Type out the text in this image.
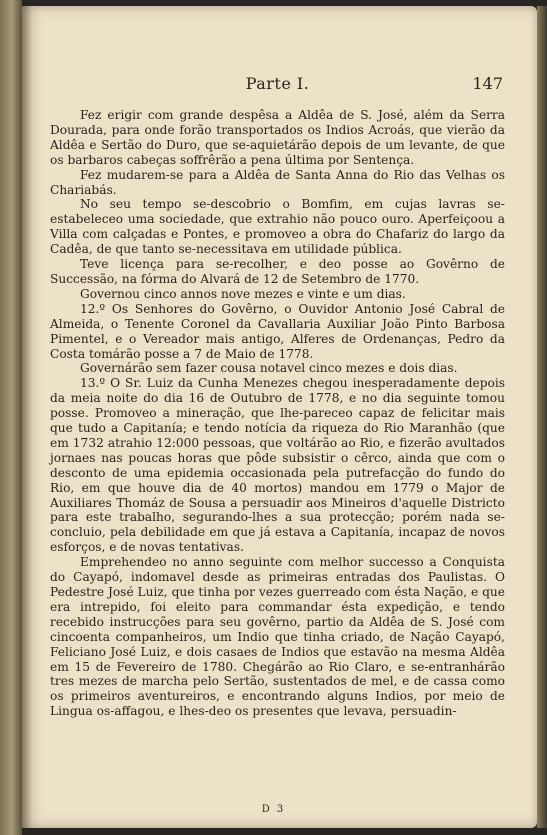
Parte I.	147

Fez erigir com grande despêsa a Aldêa de S. José, além da Serra Dourada, para onde forão transportados os Indios Acroás, que vierão da Aldêa e Sertão do Duro, que se-aquietárão depois de um levante, de que os barbaros cabeças soffrêrão a pena última por Sentença.

Fez mudarem-se para a Aldêa de Santa Anna do Rio das Velhas os Chariabás.

No seu tempo se-descobrio o Bomfim, em cujas lavras se-estabeleceo uma sociedade, que extrahio não pouco ouro. Aperfeiçoou a Villa com calçadas e Pontes, e promoveo a obra do Chafariz do largo da Cadêa, de que tanto se-necessitava em utilidade pública.

Teve licença para se-recolher, e deo posse ao Govêrno de Successão, na fórma do Alvará de 12 de Setembro de 1770.

Governou cinco annos nove mezes e vinte e um dias.

12.º Os Senhores do Govêrno, o Ouvidor Antonio José Cabral de Almeida, o Tenente Coronel da Cavallaria Auxiliar João Pinto Barbosa Pimentel, e o Vereador mais antigo, Alferes de Ordenanças, Pedro da Costa tomárão posse a 7 de Maio de 1778.

Governárão sem fazer cousa notavel cinco mezes e dois dias.

13.º O Sr. Luiz da Cunha Menezes chegou inesperadamente depois da meia noite do dia 16 de Outubro de 1778, e no dia seguinte tomou posse. Promoveo a mineração, que lhe-pareceo capaz de felicitar mais que tudo a Capitanía; e tendo notícia da riqueza do Rio Maranhão (que em 1732 atrahio 12:000 pessoas, que voltárão ao Rio, e fizerão avultados jornaes nas poucas horas que pôde subsistir o cêrco, ainda que com o desconto de uma epidemia occasionada pela putrefacção do fundo do Rio, em que houve dia de 40 mortos) mandou em 1779 o Major de Auxiliares Thomáz de Sousa a persuadir aos Mineiros d'aquelle Districto para este trabalho, segurando-lhes a sua protecção; porém nada se-concluio, pela debilidade em que já estava a Capitanía, incapaz de novos esforços, e de novas tentativas.

Emprehendeo no anno seguinte com melhor successo a Conquista do Cayapó, indomavel desde as primeiras entradas dos Paulistas. O Pedestre José Luiz, que tinha por vezes guerreado com ésta Nação, e que era intrepido, foi eleito para commandar ésta expedição, e tendo recebido instrucções para seu govêrno, partio da Aldêa de S. José com cincoenta companheiros, um Indio que tinha criado, de Nação Cayapó, Feliciano José Luiz, e dois casaes de Indios que estavão na mesma Aldêa em 15 de Fevereiro de 1780. Chegárão ao Rio Claro, e se-entranhárão tres mezes de marcha pelo Sertão, sustentados de mel, e de cassa como os primeiros aventureiros, e encontrando alguns Indios, por meio de Lingua os-affagou, e lhes-deo os presentes que levava, persuadin-

D 3
